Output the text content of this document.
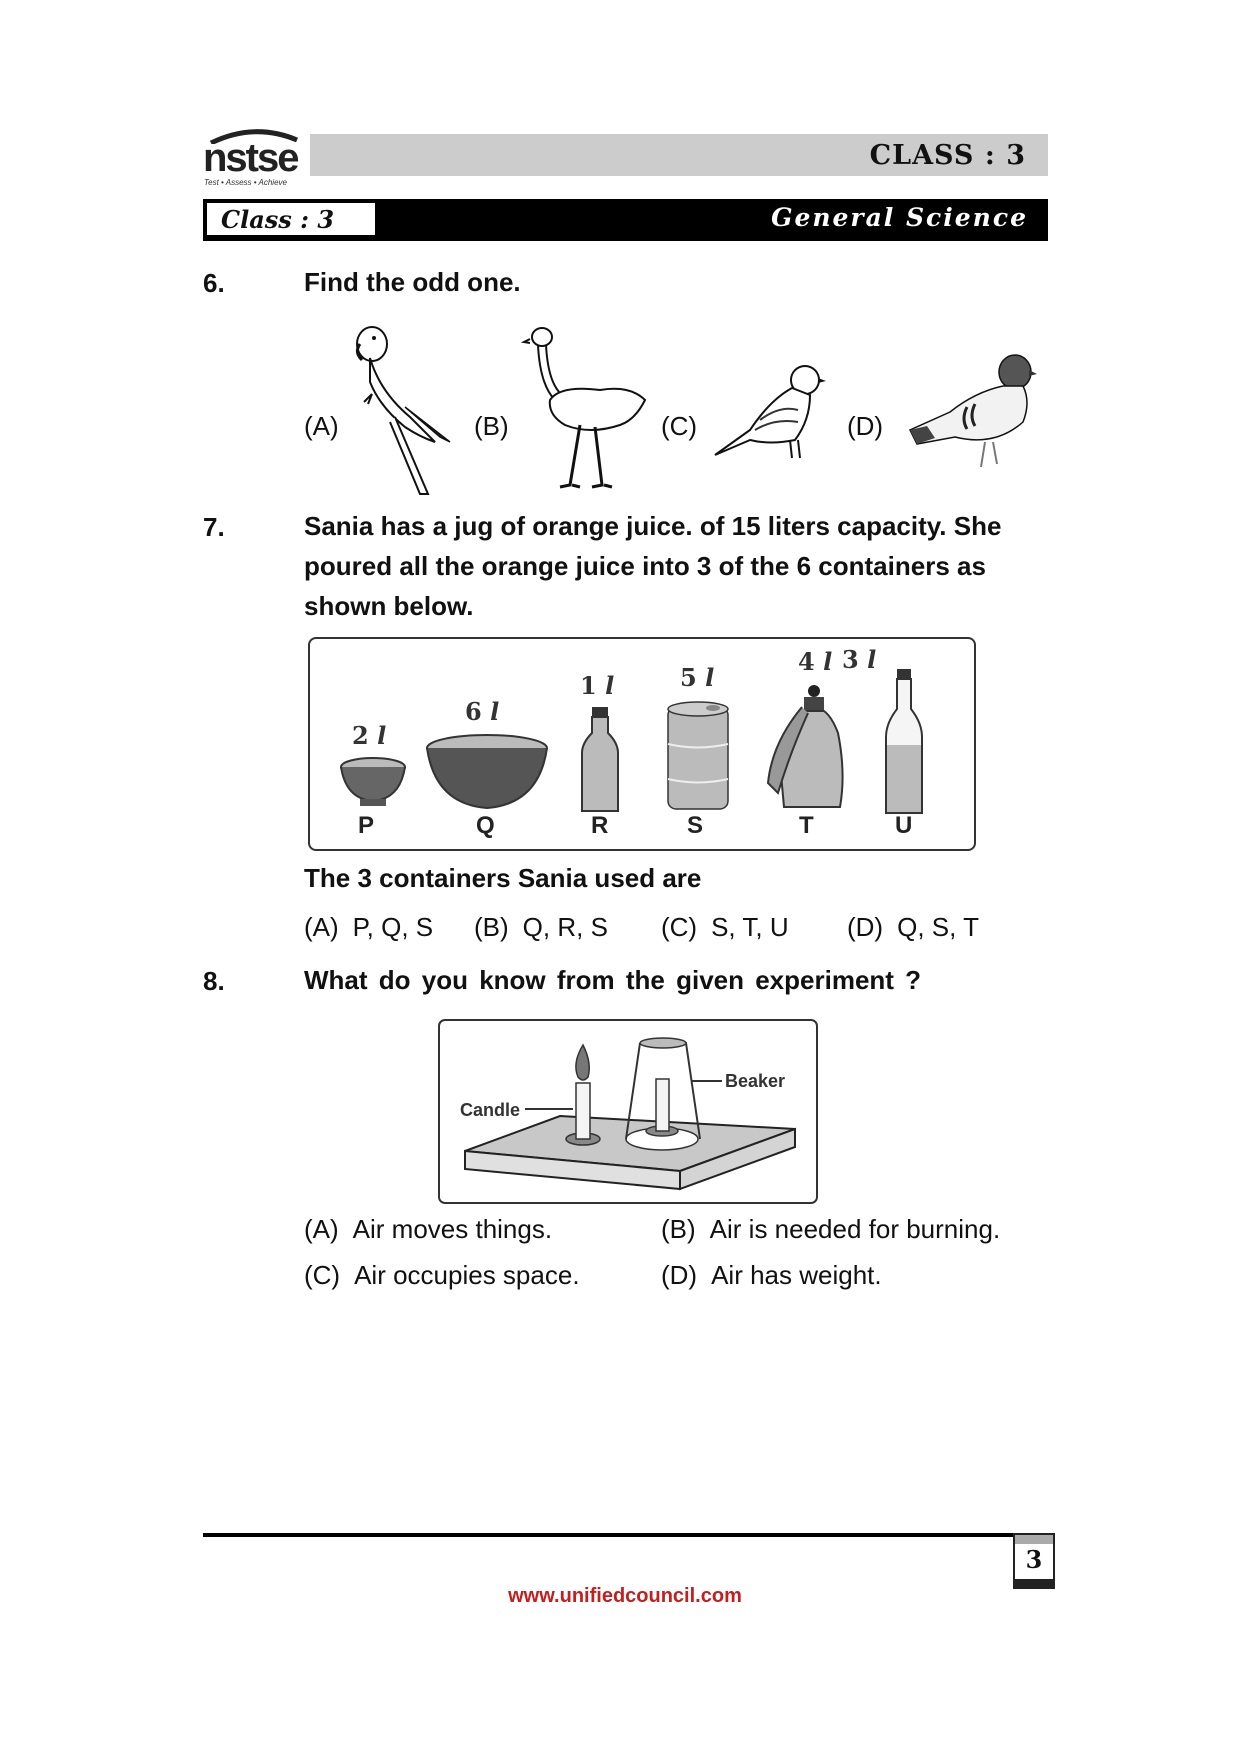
nstse
Test • Assess • Achieve
CLASS : 3
Class : 3	General Science
6.	Find the odd one.
(A)	(B)	(C)	(D)
7.	Sania has a jug of orange juice. of 15 liters capacity. She
poured all the orange juice into 3 of the 6 containers as
shown below.
2 l
P
6 l
Q
1 l
R
5 l
S
4 l
T
3 l
U
The 3 containers Sania used are
(A) P, Q, S (B) Q, R, S (C) S, T, U (D) Q, S, T
8.	What do you know from the given experiment ?
Candle
Beaker
(A) Air moves things.	(B) Air is needed for burning.
(C) Air occupies space.	(D) Air has weight.
3
www.unifiedcouncil.com
